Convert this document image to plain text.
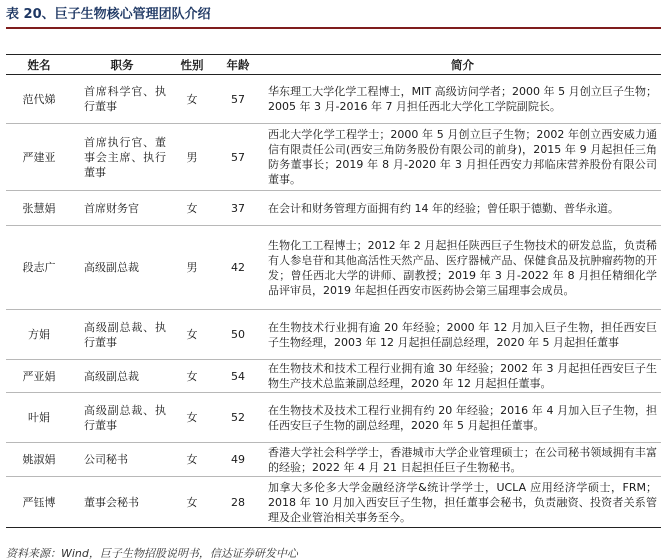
表 20、巨子生物核心管理团队介绍
姓名	职务	性别	年龄	简介
范代娣	首席科学官、执行董事	女	57	华东理工大学化学工程博士，MIT 高级访问学者；2000 年 5 月创立巨子生物；2005 年 3 月-2016 年 7 月担任西北大学化工学院副院长。
严建亚	首席执行官、董事会主席、执行董事	男	57	西北大学化学工程学士；2000 年 5 月创立巨子生物；2002 年创立西安威力通信有限责任公司(西安三角防务股份有限公司的前身)，2015 年 9 月起担任三角防务董事长；2019 年 8 月-2020 年 3 月担任西安力邦临床营养股份有限公司董事。
张慧娟	首席财务官	女	37	在会计和财务管理方面拥有约 14 年的经验；曾任职于德勤、普华永道。
段志广	高级副总裁	男	42	生物化工工程博士；2012 年 2 月起担任陕西巨子生物技术的研发总监，负责稀有人参皂苷和其他高活性天然产品、医疗器械产品、保健食品及抗肿瘤药物的开发；曾任西北大学的讲师、副教授；2019 年 3 月-2022 年 8 月担任精细化学品评审员，2019 年起担任西安市医药协会第三届理事会成员。
方娟	高级副总裁、执行董事	女	50	在生物技术行业拥有逾 20 年经验；2000 年 12 月加入巨子生物，担任西安巨子生物经理，2003 年 12 月起担任副总经理，2020 年 5 月起担任董事
严亚娟	高级副总裁	女	54	在生物技术和技术工程行业拥有逾 30 年经验；2002 年 3 月起担任西安巨子生物生产技术总监兼副总经理，2020 年 12 月起担任董事。
叶娟	高级副总裁、执行董事	女	52	在生物技术及技术工程行业拥有约 20 年经验；2016 年 4 月加入巨子生物，担任西安巨子生物的副总经理，2020 年 5 月起担任董事。
姚淑娟	公司秘书	女	49	香港大学社会科学学士，香港城市大学企业管理硕士；在公司秘书领域拥有丰富的经验；2022 年 4 月 21 日起担任巨子生物秘书。
严钰博	董事会秘书	女	28	加拿大多伦多大学金融经济学&统计学学士，UCLA 应用经济学硕士，FRM；2018 年 10 月加入西安巨子生物，担任董事会秘书，负责融资、投资者关系管理及企业管治相关事务至今。
资料来源：Wind，巨子生物招股说明书，信达证券研发中心
